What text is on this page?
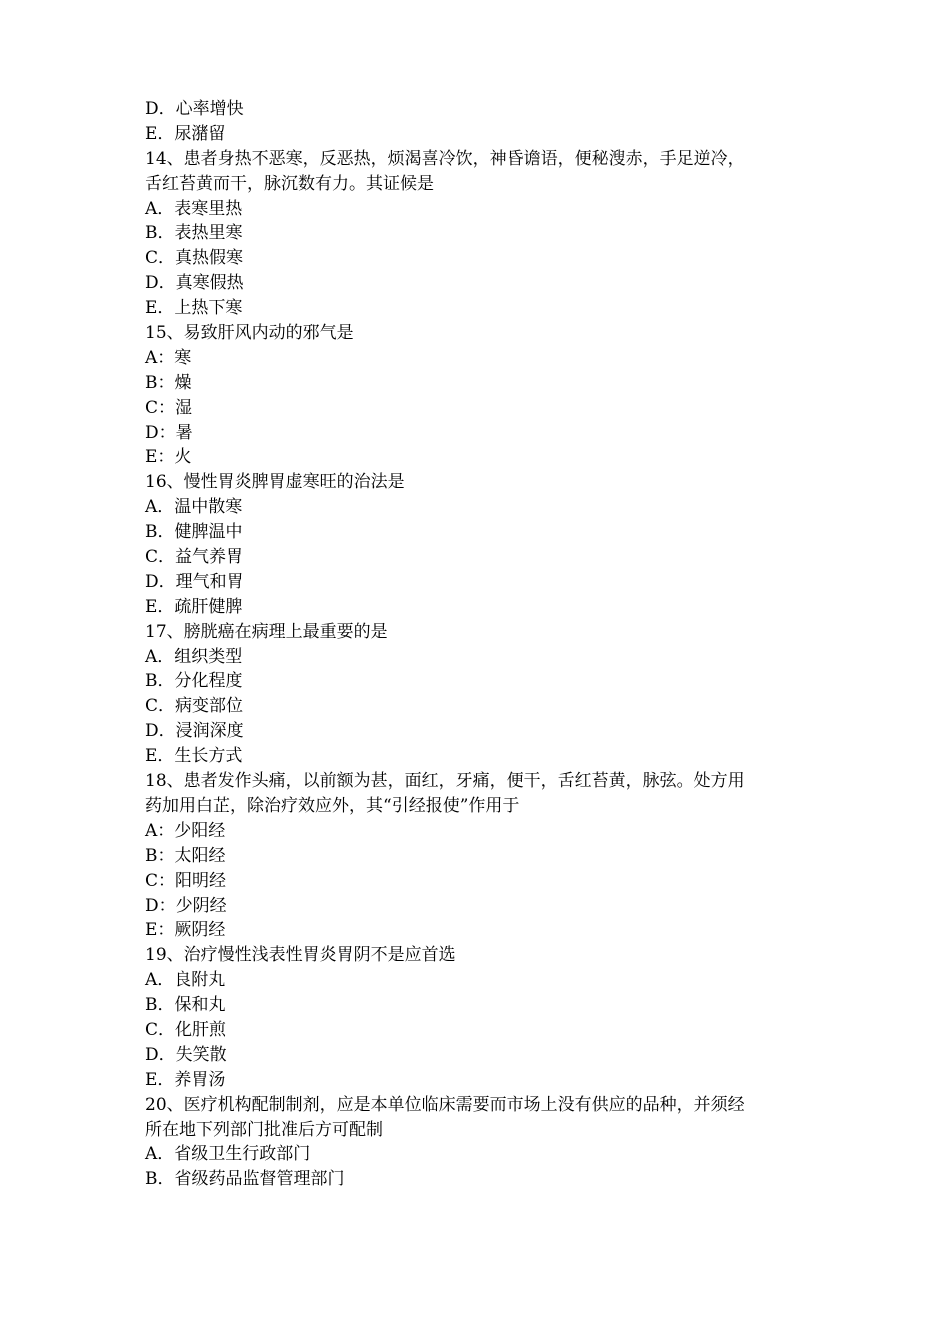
D．心率增快
E．尿潴留
14、患者身热不恶寒，反恶热，烦渴喜冷饮，神昏谵语，便秘溲赤，手足逆冷，
舌红苔黄而干，脉沉数有力。其证候是
A．表寒里热
B．表热里寒
C．真热假寒
D．真寒假热
E．上热下寒
15、易致肝风内动的邪气是
A：寒
B：燥
C：湿
D：暑
E：火
16、慢性胃炎脾胃虚寒旺的治法是
A．温中散寒
B．健脾温中
C．益气养胃
D．理气和胃
E．疏肝健脾
17、膀胱癌在病理上最重要的是
A．组织类型
B．分化程度
C．病变部位
D．浸润深度
E．生长方式
18、患者发作头痛，以前额为甚，面红，牙痛，便干，舌红苔黄，脉弦。处方用
药加用白芷，除治疗效应外，其“引经报使”作用于
A：少阳经
B：太阳经
C：阳明经
D：少阴经
E：厥阴经
19、治疗慢性浅表性胃炎胃阴不是应首选
A．良附丸
B．保和丸
C．化肝煎
D．失笑散
E．养胃汤
20、医疗机构配制制剂，应是本单位临床需要而市场上没有供应的品种，并须经
所在地下列部门批准后方可配制
A．省级卫生行政部门
B．省级药品监督管理部门
